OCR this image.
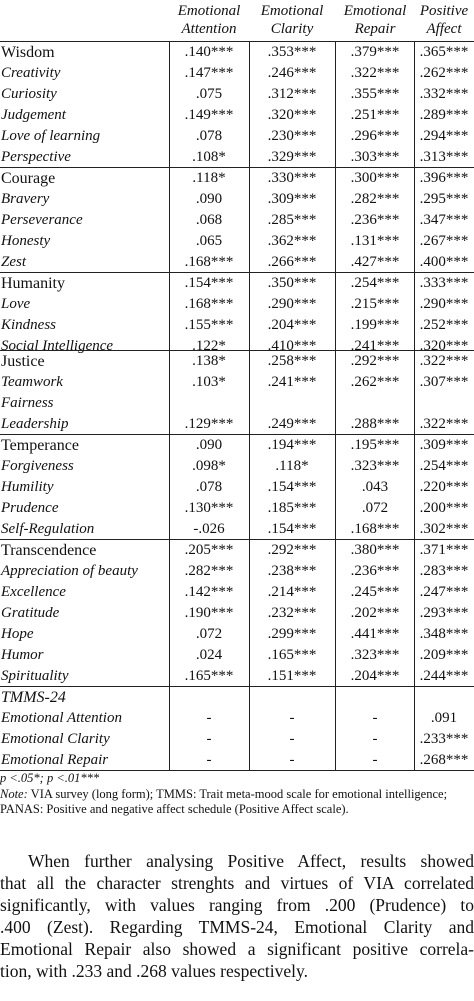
Emotional
Attention
Emotional
Clarity
Emotional
Repair
Positive
Affect
Wisdom	.140***	.353***	.379***	.365***
Creativity	.147***	.246***	.322***	.262***
Curiosity	.075	.312***	.355***	.332***
Judgement	.149***	.320***	.251***	.289***
Love of learning	.078	.230***	.296***	.294***
Perspective	.108*	.329***	.303***	.313***
Courage	.118*	.330***	.300***	.396***
Bravery	.090	.309***	.282***	.295***
Perseverance	.068	.285***	.236***	.347***
Honesty	.065	.362***	.131***	.267***
Zest	.168***	.266***	.427***	.400***
Humanity	.154***	.350***	.254***	.333***
Love	.168***	.290***	.215***	.290***
Kindness	.155***	.204***	.199***	.252***
Social Intelligence	.122*	.410***	.241***	.320***
Justice	.138*	.258***	.292***	.322***
Teamwork	.103*	.241***	.262***	.307***
Fairness
Leadership	.129***	.249***	.288***	.322***
Temperance	.090	.194***	.195***	.309***
Forgiveness	.098*	.118*	.323***	.254***
Humility	.078	.154***	.043	.220***
Prudence	.130***	.185***	.072	.200***
Self-Regulation	-.026	.154***	.168***	.302***
Transcendence	.205***	.292***	.380***	.371***
Appreciation of beauty	.282***	.238***	.236***	.283***
Excellence	.142***	.214***	.245***	.247***
Gratitude	.190***	.232***	.202***	.293***
Hope	.072	.299***	.441***	.348***
Humor	.024	.165***	.323***	.209***
Spirituality	.165***	.151***	.204***	.244***
TMMS-24
Emotional Attention	-	-	-	.091
Emotional Clarity	-	-	-	.233***
Emotional Repair	-	-	-	.268***
p <.05*; p <.01***
Note: VIA survey (long form); TMMS: Trait meta-mood scale for emotional intelligence; PANAS: Positive and negative affect schedule (Positive Affect scale).
When further analysing Positive Affect, results showed
that all the character strenghts and virtues of VIA correlated
significantly, with values ranging from .200 (Prudence) to
.400 (Zest). Regarding TMMS-24, Emotional Clarity and
Emotional Repair also showed a significant positive correla-
tion, with .233 and .268 values respectively.
